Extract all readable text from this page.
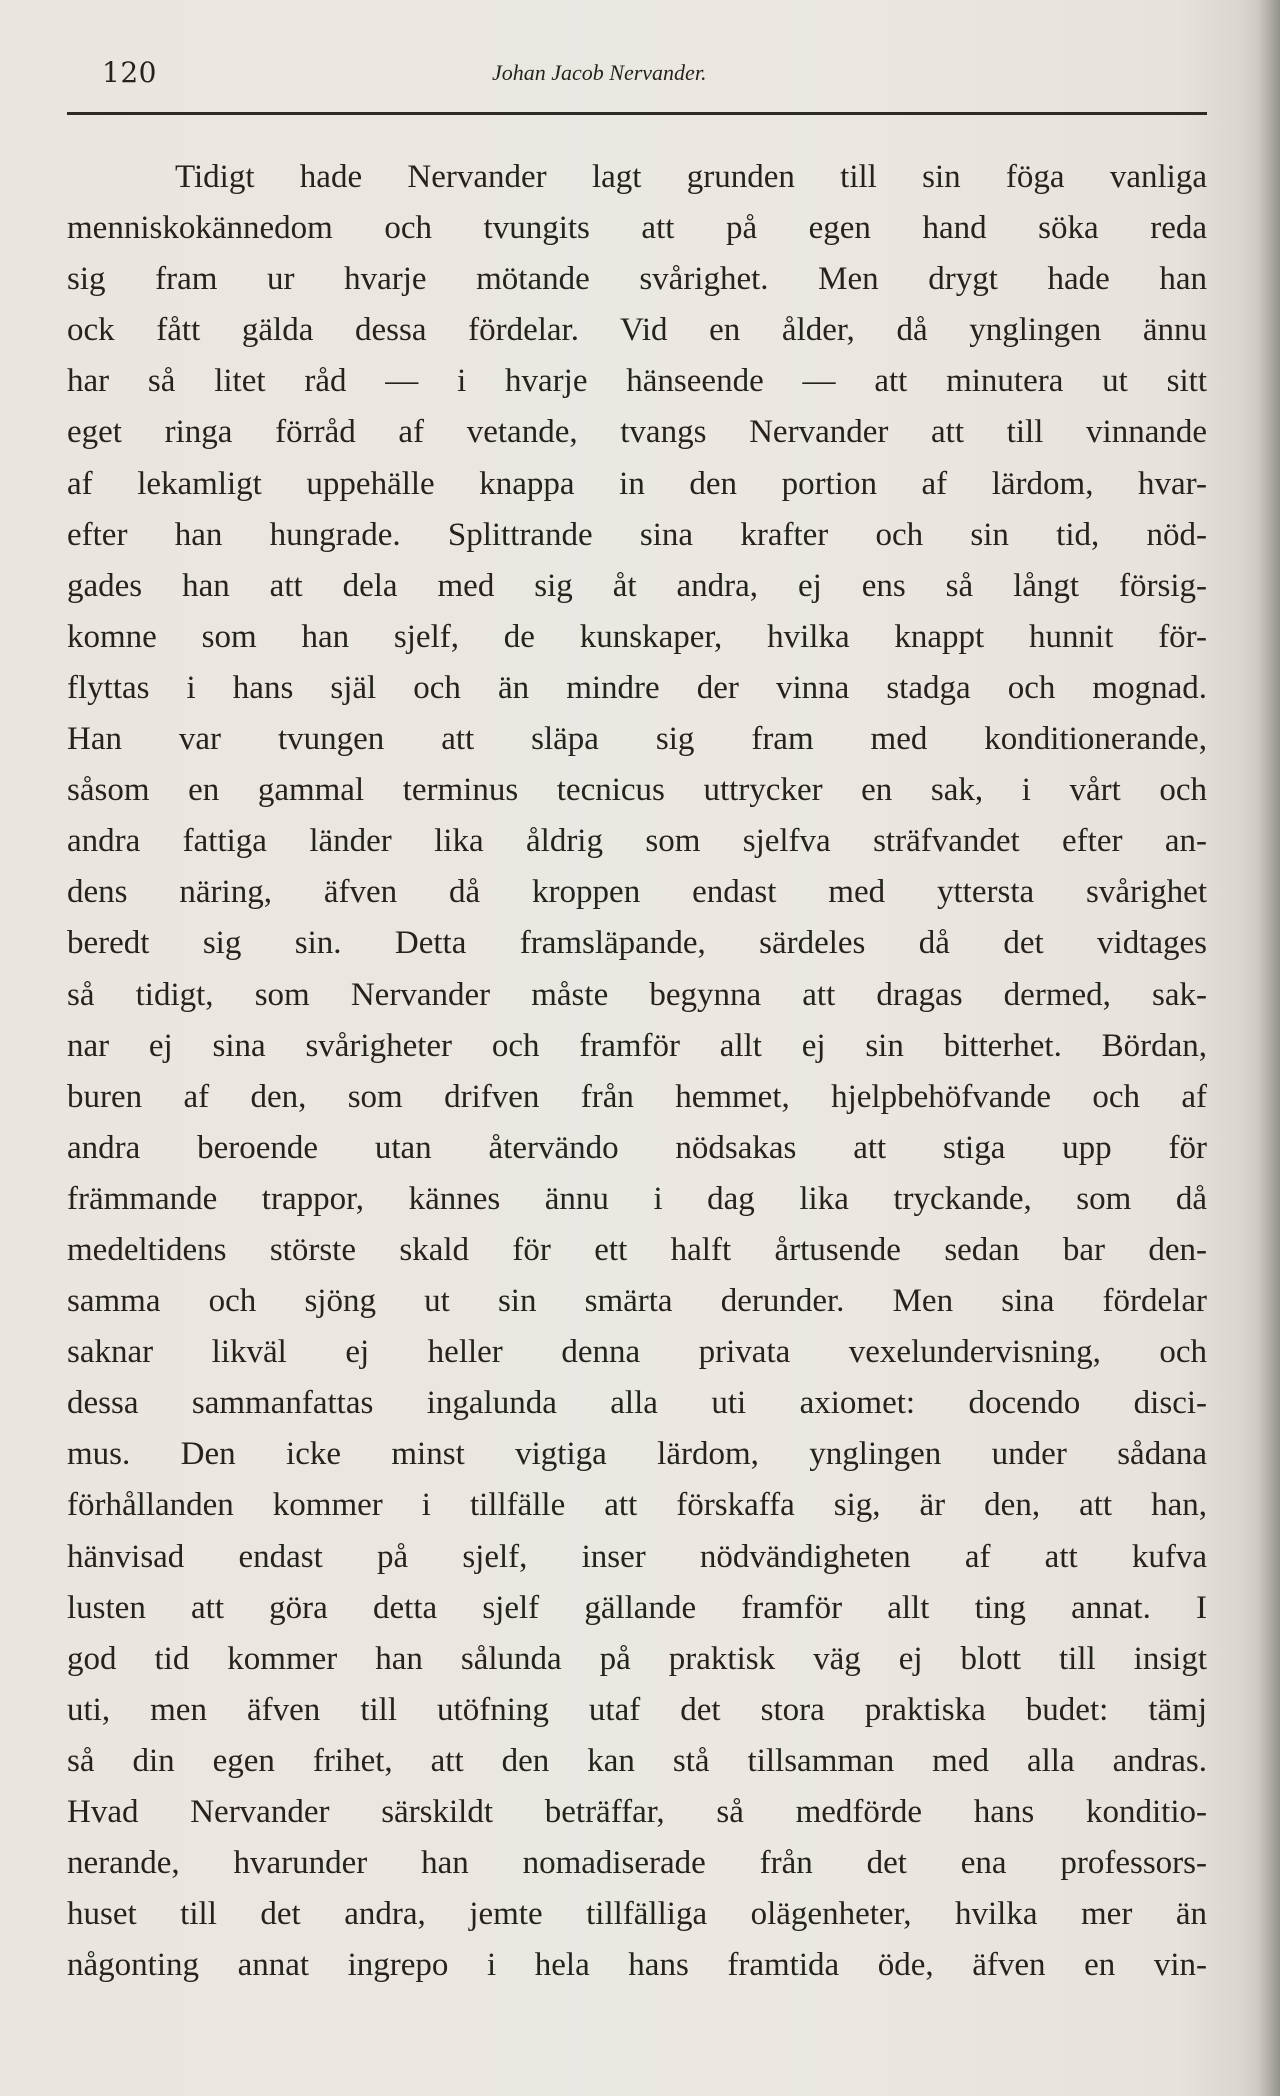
120	Johan Jacob Nervander.
Tidigt hade Nervander lagt grunden till sin föga vanliga
menniskokännedom och tvungits att på egen hand söka reda
sig fram ur hvarje mötande svårighet. Men drygt hade han
ock fått gälda dessa fördelar. Vid en ålder, då ynglingen ännu
har så litet råd — i hvarje hänseende — att minutera ut sitt
eget ringa förråd af vetande, tvangs Nervander att till vinnande
af lekamligt uppehälle knappa in den portion af lärdom, hvar-
efter han hungrade. Splittrande sina krafter och sin tid, nöd-
gades han att dela med sig åt andra, ej ens så långt försig-
komne som han sjelf, de kunskaper, hvilka knappt hunnit för-
flyttas i hans själ och än mindre der vinna stadga och mognad.
Han var tvungen att släpa sig fram med konditionerande,
såsom en gammal terminus tecnicus uttrycker en sak, i vårt och
andra fattiga länder lika åldrig som sjelfva sträfvandet efter an-
dens näring, äfven då kroppen endast med yttersta svårighet
beredt sig sin. Detta framsläpande, särdeles då det vidtages
så tidigt, som Nervander måste begynna att dragas dermed, sak-
nar ej sina svårigheter och framför allt ej sin bitterhet. Bördan,
buren af den, som drifven från hemmet, hjelpbehöfvande och af
andra beroende utan återvändo nödsakas att stiga upp för
främmande trappor, kännes ännu i dag lika tryckande, som då
medeltidens störste skald för ett halft årtusende sedan bar den-
samma och sjöng ut sin smärta derunder. Men sina fördelar
saknar likväl ej heller denna privata vexelundervisning, och
dessa sammanfattas ingalunda alla uti axiomet: docendo disci-
mus. Den icke minst vigtiga lärdom, ynglingen under sådana
förhållanden kommer i tillfälle att förskaffa sig, är den, att han,
hänvisad endast på sjelf, inser nödvändigheten af att kufva
lusten att göra detta sjelf gällande framför allt ting annat. I
god tid kommer han sålunda på praktisk väg ej blott till insigt
uti, men äfven till utöfning utaf det stora praktiska budet: tämj
så din egen frihet, att den kan stå tillsamman med alla andras.
Hvad Nervander särskildt beträffar, så medförde hans konditio-
nerande, hvarunder han nomadiserade från det ena professors-
huset till det andra, jemte tillfälliga olägenheter, hvilka mer än
någonting annat ingrepo i hela hans framtida öde, äfven en vin-
